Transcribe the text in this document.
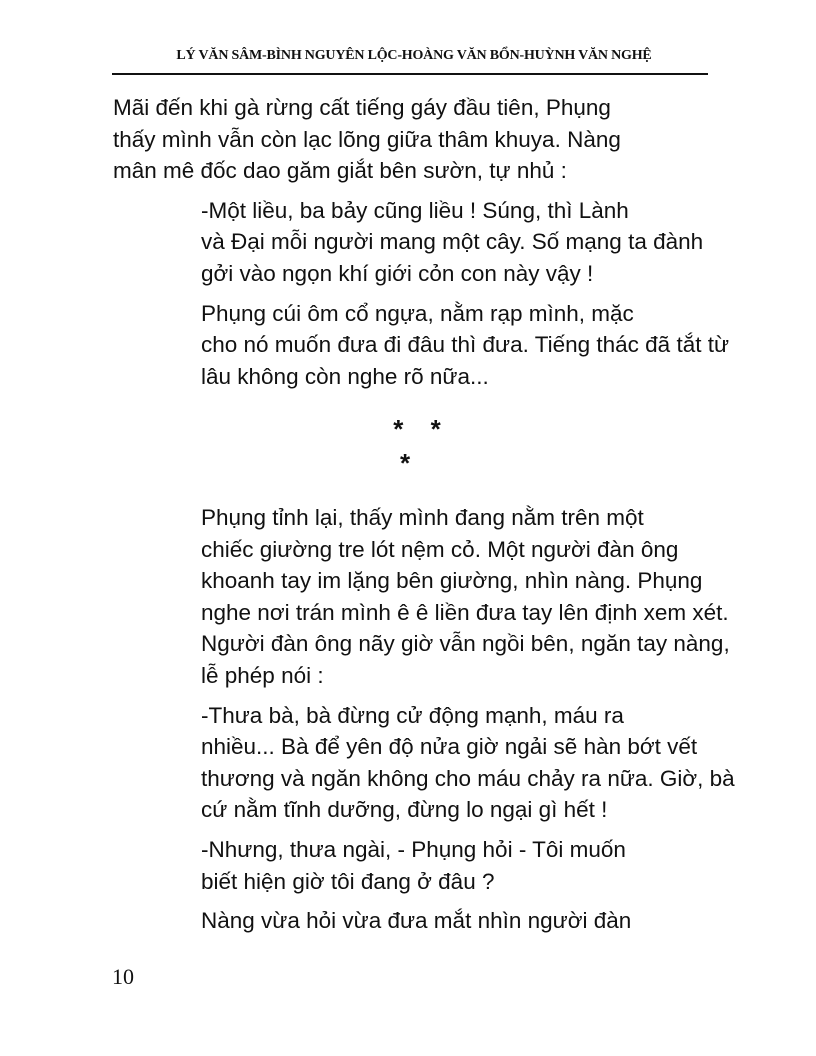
LÝ VĂN SÂM-BÌNH NGUYÊN LỘC-HOÀNG VĂN BỔN-HUỲNH VĂN NGHỆ

Mãi đến khi gà rừng cất tiếng gáy đầu tiên, Phụng
thấy mình vẫn còn lạc lõng giữa thâm khuya. Nàng
mân mê đốc dao găm giắt bên sườn, tự nhủ :

-Một liều, ba bảy cũng liều ! Súng, thì Lành
và Đại mỗi người mang một cây. Số mạng ta đành
gởi vào ngọn khí giới cỏn con này vậy !

Phụng cúi ôm cổ ngựa, nằm rạp mình, mặc
cho nó muốn đưa đi đâu thì đưa. Tiếng thác đã tắt từ
lâu không còn nghe rõ nữa...

* *
*

Phụng tỉnh lại, thấy mình đang nằm trên một
chiếc giường tre lót nệm cỏ. Một người đàn ông
khoanh tay im lặng bên giường, nhìn nàng. Phụng
nghe nơi trán mình ê ê liền đưa tay lên định xem xét.
Người đàn ông nãy giờ vẫn ngồi bên, ngăn tay nàng,
lễ phép nói :

-Thưa bà, bà đừng cử động mạnh, máu ra
nhiều... Bà để yên độ nửa giờ ngải sẽ hàn bớt vết
thương và ngăn không cho máu chảy ra nữa. Giờ, bà
cứ nằm tĩnh dưỡng, đừng lo ngại gì hết !

-Nhưng, thưa ngài, - Phụng hỏi - Tôi muốn
biết hiện giờ tôi đang ở đâu ?

Nàng vừa hỏi vừa đưa mắt nhìn người đàn

10
